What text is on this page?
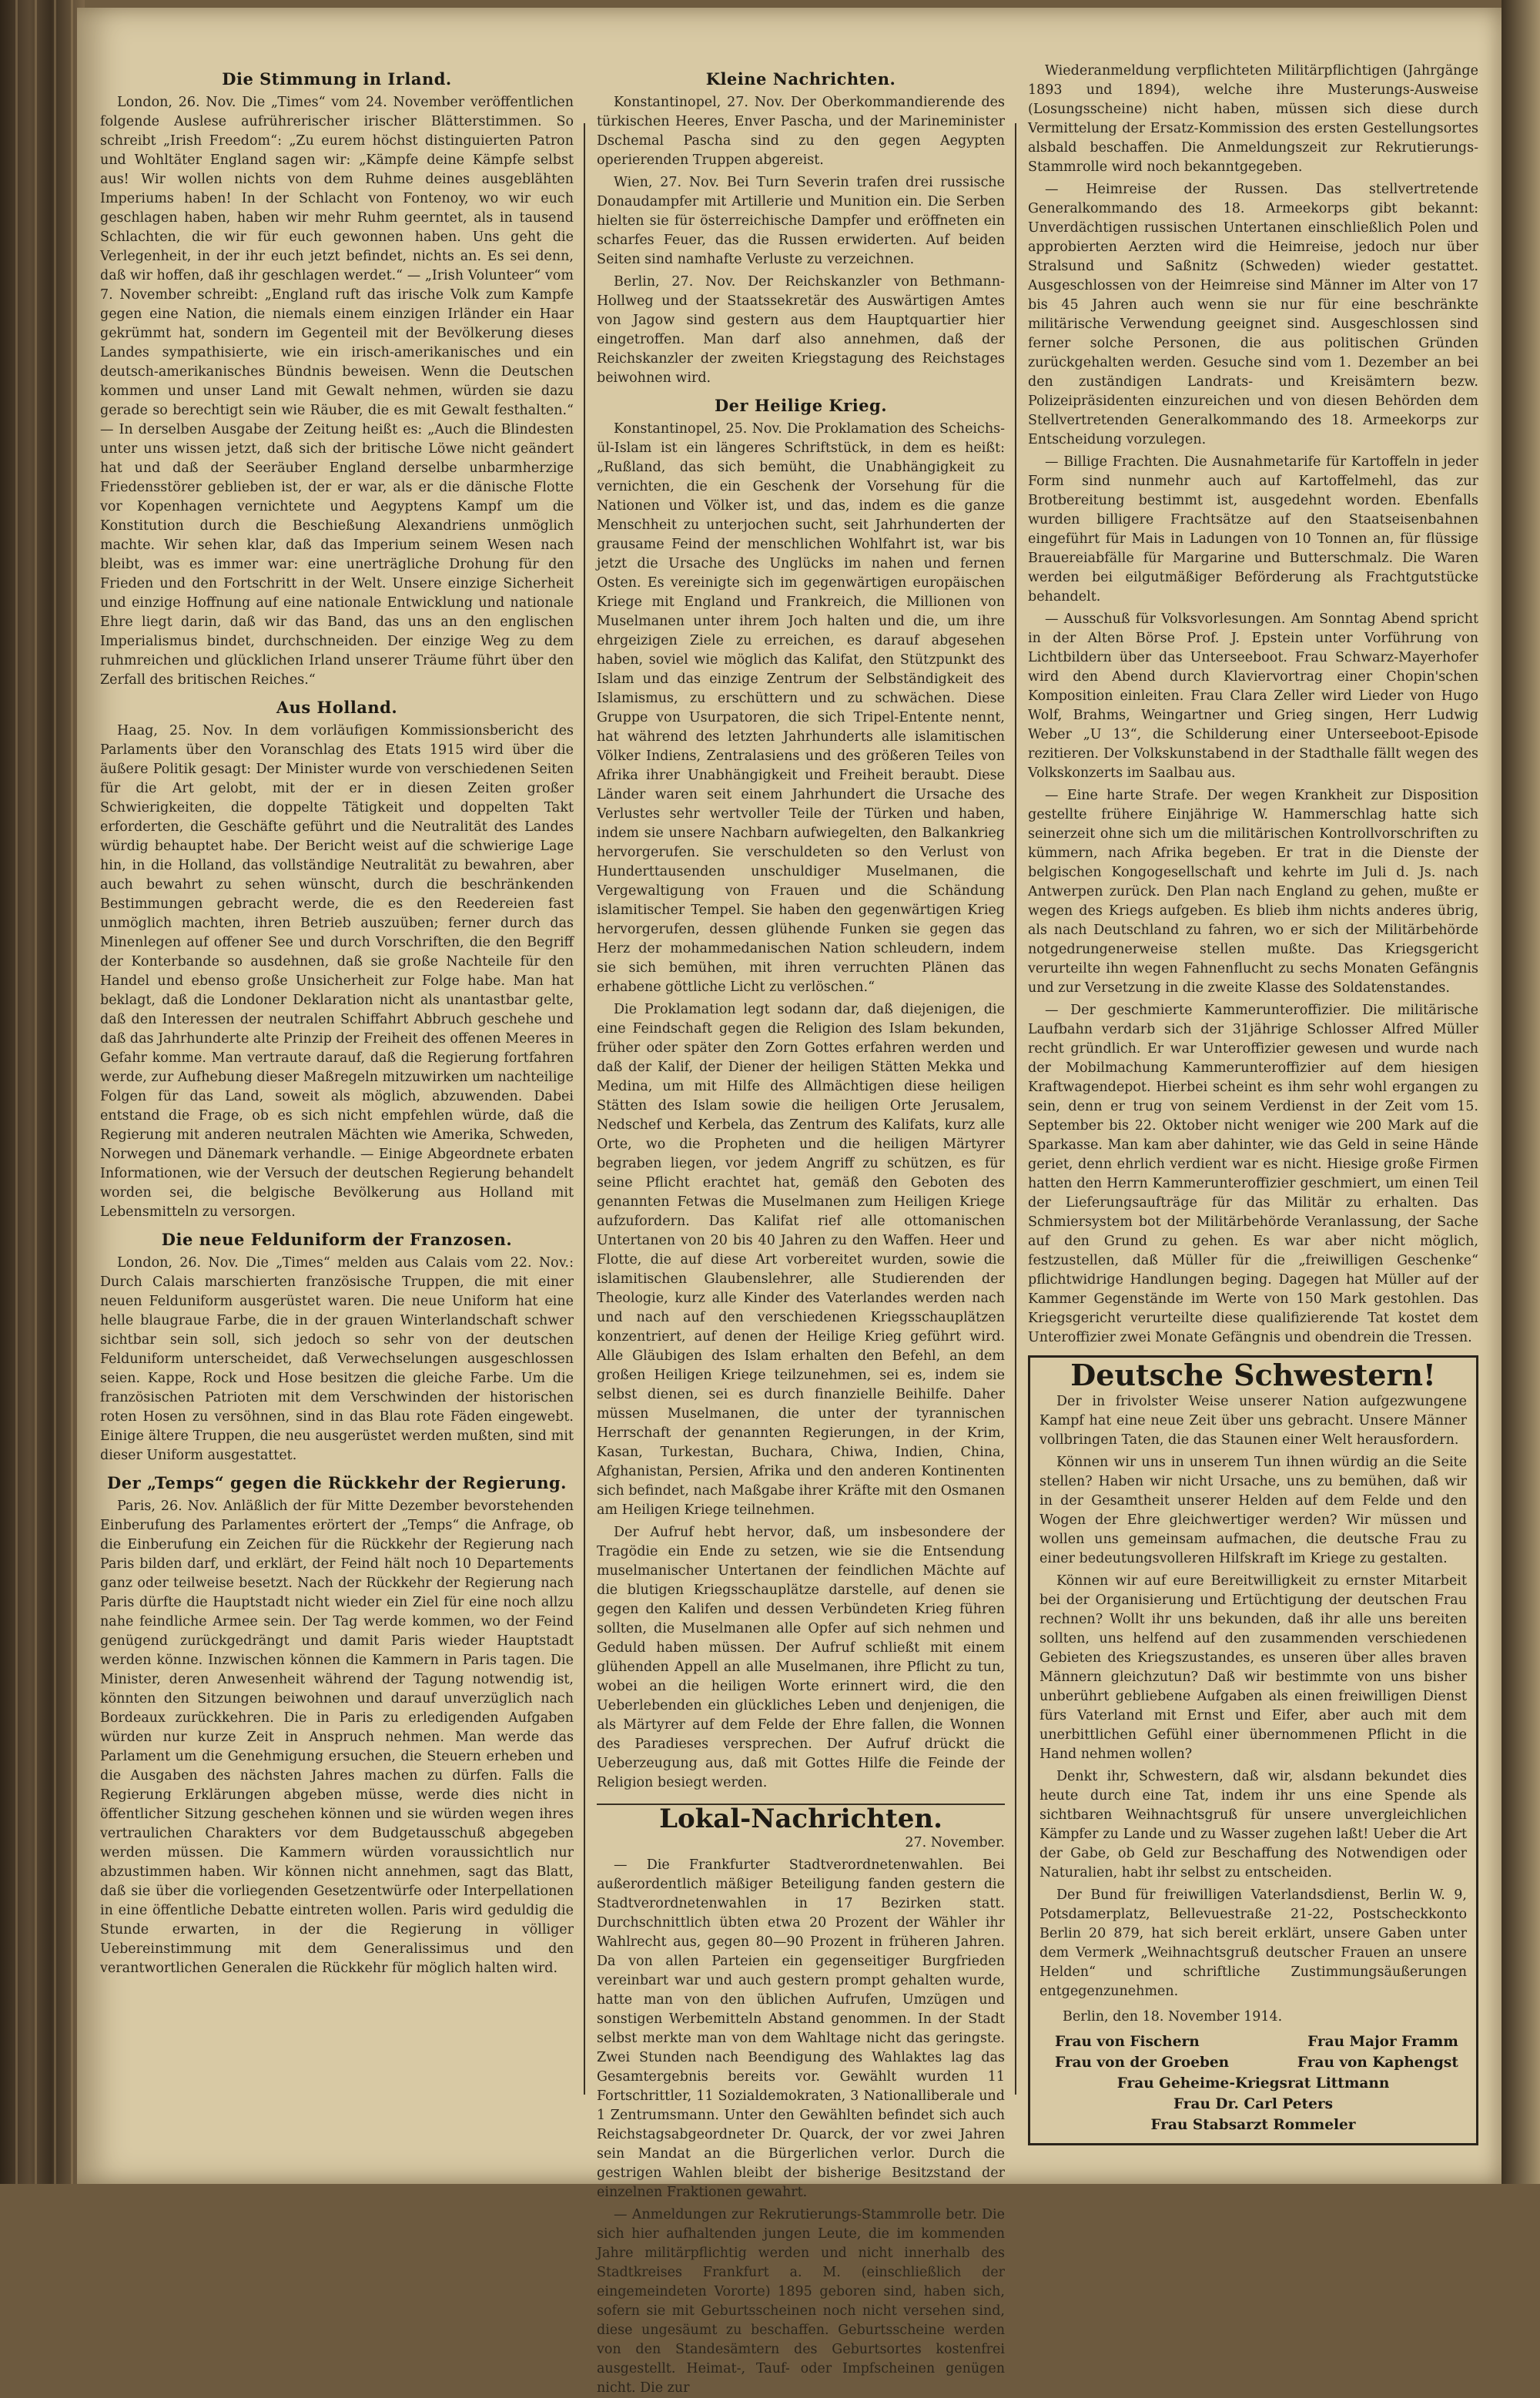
Die Stimmung in Irland.

London, 26. Nov. Die „Times“ vom 24. November veröffentlichen folgende Auslese aufrührerischer irischer Blätterstimmen. So schreibt „Irish Freedom“: „Zu eurem höchst distinguierten Patron und Wohltäter England sagen wir: „Kämpfe deine Kämpfe selbst aus! Wir wollen nichts von dem Ruhme deines ausgeblähten Imperiums haben! In der Schlacht von Fontenoy, wo wir euch geschlagen haben, haben wir mehr Ruhm geerntet, als in tausend Schlachten, die wir für euch gewonnen haben. Uns geht die Verlegenheit, in der ihr euch jetzt befindet, nichts an. Es sei denn, daß wir hoffen, daß ihr geschlagen werdet.“ — „Irish Volunteer“ vom 7. November schreibt: „England ruft das irische Volk zum Kampfe gegen eine Nation, die niemals einem einzigen Irländer ein Haar gekrümmt hat, sondern im Gegenteil mit der Bevölkerung dieses Landes sympathisierte, wie ein irisch-amerikanisches und ein deutsch-amerikanisches Bündnis beweisen. Wenn die Deutschen kommen und unser Land mit Gewalt nehmen, würden sie dazu gerade so berechtigt sein wie Räuber, die es mit Gewalt festhalten.“ — In derselben Ausgabe der Zeitung heißt es: „Auch die Blindesten unter uns wissen jetzt, daß sich der britische Löwe nicht geändert hat und daß der Seeräuber England derselbe unbarmherzige Friedensstörer geblieben ist, der er war, als er die dänische Flotte vor Kopenhagen vernichtete und Aegyptens Kampf um die Konstitution durch die Beschießung Alexandriens unmöglich machte. Wir sehen klar, daß das Imperium seinem Wesen nach bleibt, was es immer war: eine unerträgliche Drohung für den Frieden und den Fortschritt in der Welt. Unsere einzige Sicherheit und einzige Hoffnung auf eine nationale Entwicklung und nationale Ehre liegt darin, daß wir das Band, das uns an den englischen Imperialismus bindet, durchschneiden. Der einzige Weg zu dem ruhmreichen und glücklichen Irland unserer Träume führt über den Zerfall des britischen Reiches.“

Aus Holland.

Haag, 25. Nov. In dem vorläufigen Kommissionsbericht des Parlaments über den Voranschlag des Etats 1915 wird über die äußere Politik gesagt: Der Minister wurde von verschiedenen Seiten für die Art gelobt, mit der er in diesen Zeiten großer Schwierigkeiten, die doppelte Tätigkeit und doppelten Takt erforderten, die Geschäfte geführt und die Neutralität des Landes würdig behauptet habe. Der Bericht weist auf die schwierige Lage hin, in die Holland, das vollständige Neutralität zu bewahren, aber auch bewahrt zu sehen wünscht, durch die beschränkenden Bestimmungen gebracht werde, die es den Reedereien fast unmöglich machten, ihren Betrieb auszuüben; ferner durch das Minenlegen auf offener See und durch Vorschriften, die den Begriff der Konterbande so ausdehnen, daß sie große Nachteile für den Handel und ebenso große Unsicherheit zur Folge habe. Man hat beklagt, daß die Londoner Deklaration nicht als unantastbar gelte, daß den Interessen der neutralen Schiffahrt Abbruch geschehe und daß das Jahrhunderte alte Prinzip der Freiheit des offenen Meeres in Gefahr komme. Man vertraute darauf, daß die Regierung fortfahren werde, zur Aufhebung dieser Maßregeln mitzuwirken um nachteilige Folgen für das Land, soweit als möglich, abzuwenden. Dabei entstand die Frage, ob es sich nicht empfehlen würde, daß die Regierung mit anderen neutralen Mächten wie Amerika, Schweden, Norwegen und Dänemark verhandle. — Einige Abgeordnete erbaten Informationen, wie der Versuch der deutschen Regierung behandelt worden sei, die belgische Bevölkerung aus Holland mit Lebensmitteln zu versorgen.

Die neue Felduniform der Franzosen.

London, 26. Nov. Die „Times“ melden aus Calais vom 22. Nov.: Durch Calais marschierten französische Truppen, die mit einer neuen Felduniform ausgerüstet waren. Die neue Uniform hat eine helle blaugraue Farbe, die in der grauen Winterlandschaft schwer sichtbar sein soll, sich jedoch so sehr von der deutschen Felduniform unterscheidet, daß Verwechselungen ausgeschlossen seien. Kappe, Rock und Hose besitzen die gleiche Farbe. Um die französischen Patrioten mit dem Verschwinden der historischen roten Hosen zu versöhnen, sind in das Blau rote Fäden eingewebt. Einige ältere Truppen, die neu ausgerüstet werden mußten, sind mit dieser Uniform ausgestattet.

Der „Temps“ gegen die Rückkehr der Regierung.

Paris, 26. Nov. Anläßlich der für Mitte Dezember bevorstehenden Einberufung des Parlamentes erörtert der „Temps“ die Anfrage, ob die Einberufung ein Zeichen für die Rückkehr der Regierung nach Paris bilden darf, und erklärt, der Feind hält noch 10 Departements ganz oder teilweise besetzt. Nach der Rückkehr der Regierung nach Paris dürfte die Hauptstadt nicht wieder ein Ziel für eine noch allzu nahe feindliche Armee sein. Der Tag werde kommen, wo der Feind genügend zurückgedrängt und damit Paris wieder Hauptstadt werden könne. Inzwischen können die Kammern in Paris tagen. Die Minister, deren Anwesenheit während der Tagung notwendig ist, könnten den Sitzungen beiwohnen und darauf unverzüglich nach Bordeaux zurückkehren. Die in Paris zu erledigenden Aufgaben würden nur kurze Zeit in Anspruch nehmen. Man werde das Parlament um die Genehmigung ersuchen, die Steuern erheben und die Ausgaben des nächsten Jahres machen zu dürfen. Falls die Regierung Erklärungen abgeben müsse, werde dies nicht in öffentlicher Sitzung geschehen können und sie würden wegen ihres vertraulichen Charakters vor dem Budgetausschuß abgegeben werden müssen. Die Kammern würden voraussichtlich nur abzustimmen haben. Wir können nicht annehmen, sagt das Blatt, daß sie über die vorliegenden Gesetzentwürfe oder Interpellationen in eine öffentliche Debatte eintreten wollen. Paris wird geduldig die Stunde erwarten, in der die Regierung in völliger Uebereinstimmung mit dem Generalissimus und den verantwortlichen Generalen die Rückkehr für möglich halten wird.

Kleine Nachrichten.

Konstantinopel, 27. Nov. Der Oberkommandierende des türkischen Heeres, Enver Pascha, und der Marineminister Dschemal Pascha sind zu den gegen Aegypten operierenden Truppen abgereist.

Wien, 27. Nov. Bei Turn Severin trafen drei russische Donaudampfer mit Artillerie und Munition ein. Die Serben hielten sie für österreichische Dampfer und eröffneten ein scharfes Feuer, das die Russen erwiderten. Auf beiden Seiten sind namhafte Verluste zu verzeichnen.

Berlin, 27. Nov. Der Reichskanzler von Bethmann-Hollweg und der Staatssekretär des Auswärtigen Amtes von Jagow sind gestern aus dem Hauptquartier hier eingetroffen. Man darf also annehmen, daß der Reichskanzler der zweiten Kriegstagung des Reichstages beiwohnen wird.

Der Heilige Krieg.

Konstantinopel, 25. Nov. Die Proklamation des Scheichs-ül-Islam ist ein längeres Schriftstück, in dem es heißt: „Rußland, das sich bemüht, die Unabhängigkeit zu vernichten, die ein Geschenk der Vorsehung für die Nationen und Völker ist, und das, indem es die ganze Menschheit zu unterjochen sucht, seit Jahrhunderten der grausame Feind der menschlichen Wohlfahrt ist, war bis jetzt die Ursache des Unglücks im nahen und fernen Osten. Es vereinigte sich im gegenwärtigen europäischen Kriege mit England und Frankreich, die Millionen von Muselmanen unter ihrem Joch halten und die, um ihre ehrgeizigen Ziele zu erreichen, es darauf abgesehen haben, soviel wie möglich das Kalifat, den Stützpunkt des Islam und das einzige Zentrum der Selbständigkeit des Islamismus, zu erschüttern und zu schwächen. Diese Gruppe von Usurpatoren, die sich Tripel-Entente nennt, hat während des letzten Jahrhunderts alle islamitischen Völker Indiens, Zentralasiens und des größeren Teiles von Afrika ihrer Unabhängigkeit und Freiheit beraubt. Diese Länder waren seit einem Jahrhundert die Ursache des Verlustes sehr wertvoller Teile der Türken und haben, indem sie unsere Nachbarn aufwiegelten, den Balkankrieg hervorgerufen. Sie verschuldeten so den Verlust von Hunderttausenden unschuldiger Muselmanen, die Vergewaltigung von Frauen und die Schändung islamitischer Tempel. Sie haben den gegenwärtigen Krieg hervorgerufen, dessen glühende Funken sie gegen das Herz der mohammedanischen Nation schleudern, indem sie sich bemühen, mit ihren verruchten Plänen das erhabene göttliche Licht zu verlöschen.“

Die Proklamation legt sodann dar, daß diejenigen, die eine Feindschaft gegen die Religion des Islam bekunden, früher oder später den Zorn Gottes erfahren werden und daß der Kalif, der Diener der heiligen Stätten Mekka und Medina, um mit Hilfe des Allmächtigen diese heiligen Stätten des Islam sowie die heiligen Orte Jerusalem, Nedschef und Kerbela, das Zentrum des Kalifats, kurz alle Orte, wo die Propheten und die heiligen Märtyrer begraben liegen, vor jedem Angriff zu schützen, es für seine Pflicht erachtet hat, gemäß den Geboten des genannten Fetwas die Muselmanen zum Heiligen Kriege aufzufordern. Das Kalifat rief alle ottomanischen Untertanen von 20 bis 40 Jahren zu den Waffen. Heer und Flotte, die auf diese Art vorbereitet wurden, sowie die islamitischen Glaubenslehrer, alle Studierenden der Theologie, kurz alle Kinder des Vaterlandes werden nach und nach auf den verschiedenen Kriegsschauplätzen konzentriert, auf denen der Heilige Krieg geführt wird. Alle Gläubigen des Islam erhalten den Befehl, an dem großen Heiligen Kriege teilzunehmen, sei es, indem sie selbst dienen, sei es durch finanzielle Beihilfe. Daher müssen Muselmanen, die unter der tyrannischen Herrschaft der genannten Regierungen, in der Krim, Kasan, Turkestan, Buchara, Chiwa, Indien, China, Afghanistan, Persien, Afrika und den anderen Kontinenten sich befindet, nach Maßgabe ihrer Kräfte mit den Osmanen am Heiligen Kriege teilnehmen.

Der Aufruf hebt hervor, daß, um insbesondere der Tragödie ein Ende zu setzen, wie sie die Entsendung muselmanischer Untertanen der feindlichen Mächte auf die blutigen Kriegsschauplätze darstelle, auf denen sie gegen den Kalifen und dessen Verbündeten Krieg führen sollten, die Muselmanen alle Opfer auf sich nehmen und Geduld haben müssen. Der Aufruf schließt mit einem glühenden Appell an alle Muselmanen, ihre Pflicht zu tun, wobei an die heiligen Worte erinnert wird, die den Ueberlebenden ein glückliches Leben und denjenigen, die als Märtyrer auf dem Felde der Ehre fallen, die Wonnen des Paradieses versprechen. Der Aufruf drückt die Ueberzeugung aus, daß mit Gottes Hilfe die Feinde der Religion besiegt werden.

Lokal-Nachrichten.
27. November.

— Die Frankfurter Stadtverordnetenwahlen. Bei außerordentlich mäßiger Beteiligung fanden gestern die Stadtverordnetenwahlen in 17 Bezirken statt. Durchschnittlich übten etwa 20 Prozent der Wähler ihr Wahlrecht aus, gegen 80—90 Prozent in früheren Jahren. Da von allen Parteien ein gegenseitiger Burgfrieden vereinbart war und auch gestern prompt gehalten wurde, hatte man von den üblichen Aufrufen, Umzügen und sonstigen Werbemitteln Abstand genommen. In der Stadt selbst merkte man von dem Wahltage nicht das geringste. Zwei Stunden nach Beendigung des Wahlaktes lag das Gesamtergebnis bereits vor. Gewählt wurden 11 Fortschrittler, 11 Sozialdemokraten, 3 Nationalliberale und 1 Zentrumsmann. Unter den Gewählten befindet sich auch Reichstagsabgeordneter Dr. Quarck, der vor zwei Jahren sein Mandat an die Bürgerlichen verlor. Durch die gestrigen Wahlen bleibt der bisherige Besitzstand der einzelnen Fraktionen gewahrt.

— Anmeldungen zur Rekrutierungs-Stammrolle betr. Die sich hier aufhaltenden jungen Leute, die im kommenden Jahre militärpflichtig werden und nicht innerhalb des Stadtkreises Frankfurt a. M. (einschließlich der eingemeindeten Vororte) 1895 geboren sind, haben sich, sofern sie mit Geburtsscheinen noch nicht versehen sind, diese ungesäumt zu beschaffen. Geburtsscheine werden von den Standesämtern des Geburtsortes kostenfrei ausgestellt. Heimat-, Tauf- oder Impfscheinen genügen nicht. Die zur

Wiederanmeldung verpflichteten Militärpflichtigen (Jahrgänge 1893 und 1894), welche ihre Musterungs-Ausweise (Losungsscheine) nicht haben, müssen sich diese durch Vermittelung der Ersatz-Kommission des ersten Gestellungsortes alsbald beschaffen. Die Anmeldungszeit zur Rekrutierungs-Stammrolle wird noch bekanntgegeben.

— Heimreise der Russen. Das stellvertretende Generalkommando des 18. Armeekorps gibt bekannt: Unverdächtigen russischen Untertanen einschließlich Polen und approbierten Aerzten wird die Heimreise, jedoch nur über Stralsund und Saßnitz (Schweden) wieder gestattet. Ausgeschlossen von der Heimreise sind Männer im Alter von 17 bis 45 Jahren auch wenn sie nur für eine beschränkte militärische Verwendung geeignet sind. Ausgeschlossen sind ferner solche Personen, die aus politischen Gründen zurückgehalten werden. Gesuche sind vom 1. Dezember an bei den zuständigen Landrats- und Kreisämtern bezw. Polizeipräsidenten einzureichen und von diesen Behörden dem Stellvertretenden Generalkommando des 18. Armeekorps zur Entscheidung vorzulegen.

— Billige Frachten. Die Ausnahmetarife für Kartoffeln in jeder Form sind nunmehr auch auf Kartoffelmehl, das zur Brotbereitung bestimmt ist, ausgedehnt worden. Ebenfalls wurden billigere Frachtsätze auf den Staatseisenbahnen eingeführt für Mais in Ladungen von 10 Tonnen an, für flüssige Brauereiabfälle für Margarine und Butterschmalz. Die Waren werden bei eilgutmäßiger Beförderung als Frachtgutstücke behandelt.

— Ausschuß für Volksvorlesungen. Am Sonntag Abend spricht in der Alten Börse Prof. J. Epstein unter Vorführung von Lichtbildern über das Unterseeboot. Frau Schwarz-Mayerhofer wird den Abend durch Klaviervortrag einer Chopin'schen Komposition einleiten. Frau Clara Zeller wird Lieder von Hugo Wolf, Brahms, Weingartner und Grieg singen, Herr Ludwig Weber „U 13“, die Schilderung einer Unterseeboot-Episode rezitieren. Der Volkskunstabend in der Stadthalle fällt wegen des Volkskonzerts im Saalbau aus.

— Eine harte Strafe. Der wegen Krankheit zur Disposition gestellte frühere Einjährige W. Hammerschlag hatte sich seinerzeit ohne sich um die militärischen Kontrollvorschriften zu kümmern, nach Afrika begeben. Er trat in die Dienste der belgischen Kongogesellschaft und kehrte im Juli d. Js. nach Antwerpen zurück. Den Plan nach England zu gehen, mußte er wegen des Kriegs aufgeben. Es blieb ihm nichts anderes übrig, als nach Deutschland zu fahren, wo er sich der Militärbehörde notgedrungenerweise stellen mußte. Das Kriegsgericht verurteilte ihn wegen Fahnenflucht zu sechs Monaten Gefängnis und zur Versetzung in die zweite Klasse des Soldatenstandes.

— Der geschmierte Kammerunteroffizier. Die militärische Laufbahn verdarb sich der 31jährige Schlosser Alfred Müller recht gründlich. Er war Unteroffizier gewesen und wurde nach der Mobilmachung Kammerunteroffizier auf dem hiesigen Kraftwagendepot. Hierbei scheint es ihm sehr wohl ergangen zu sein, denn er trug von seinem Verdienst in der Zeit vom 15. September bis 22. Oktober nicht weniger wie 200 Mark auf die Sparkasse. Man kam aber dahinter, wie das Geld in seine Hände geriet, denn ehrlich verdient war es nicht. Hiesige große Firmen hatten den Herrn Kammerunteroffizier geschmiert, um einen Teil der Lieferungsaufträge für das Militär zu erhalten. Das Schmiersystem bot der Militärbehörde Veranlassung, der Sache auf den Grund zu gehen. Es war aber nicht möglich, festzustellen, daß Müller für die „freiwilligen Geschenke“ pflichtwidrige Handlungen beging. Dagegen hat Müller auf der Kammer Gegenstände im Werte von 150 Mark gestohlen. Das Kriegsgericht verurteilte diese qualifizierende Tat kostet dem Unteroffizier zwei Monate Gefängnis und obendrein die Tressen.

Deutsche Schwestern!

Der in frivolster Weise unserer Nation aufgezwungene Kampf hat eine neue Zeit über uns gebracht. Unsere Männer vollbringen Taten, die das Staunen einer Welt herausfordern.

Können wir uns in unserem Tun ihnen würdig an die Seite stellen? Haben wir nicht Ursache, uns zu bemühen, daß wir in der Gesamtheit unserer Helden auf dem Felde und den Wogen der Ehre gleichwertiger werden? Wir müssen und wollen uns gemeinsam aufmachen, die deutsche Frau zu einer bedeutungsvolleren Hilfskraft im Kriege zu gestalten.

Können wir auf eure Bereitwilligkeit zu ernster Mitarbeit bei der Organisierung und Ertüchtigung der deutschen Frau rechnen? Wollt ihr uns bekunden, daß ihr alle uns bereiten sollten, uns helfend auf den zusammenden verschiedenen Gebieten des Kriegszustandes, es unseren über alles braven Männern gleichzutun? Daß wir bestimmte von uns bisher unberührt gebliebene Aufgaben als einen freiwilligen Dienst fürs Vaterland mit Ernst und Eifer, aber auch mit dem unerbittlichen Gefühl einer übernommenen Pflicht in die Hand nehmen wollen?

Denkt ihr, Schwestern, daß wir, alsdann bekundet dies heute durch eine Tat, indem ihr uns eine Spende als sichtbaren Weihnachtsgruß für unsere unvergleichlichen Kämpfer zu Lande und zu Wasser zugehen laßt! Ueber die Art der Gabe, ob Geld zur Beschaffung des Notwendigen oder Naturalien, habt ihr selbst zu entscheiden.

Der Bund für freiwilligen Vaterlandsdienst, Berlin W. 9, Potsdamerplatz, Bellevuestraße 21-22, Postscheckkonto Berlin 20 879, hat sich bereit erklärt, unsere Gaben unter dem Vermerk „Weihnachtsgruß deutscher Frauen an unsere Helden“ und schriftliche Zustimmungsäußerungen entgegenzunehmen.

Berlin, den 18. November 1914.
Frau von Fischern	Frau Major Framm Frau von der Groeben	Frau von Kaphengst
Frau Geheime-Kriegsrat Littmann
Frau Dr. Carl Peters
Frau Stabsarzt Rommeler
